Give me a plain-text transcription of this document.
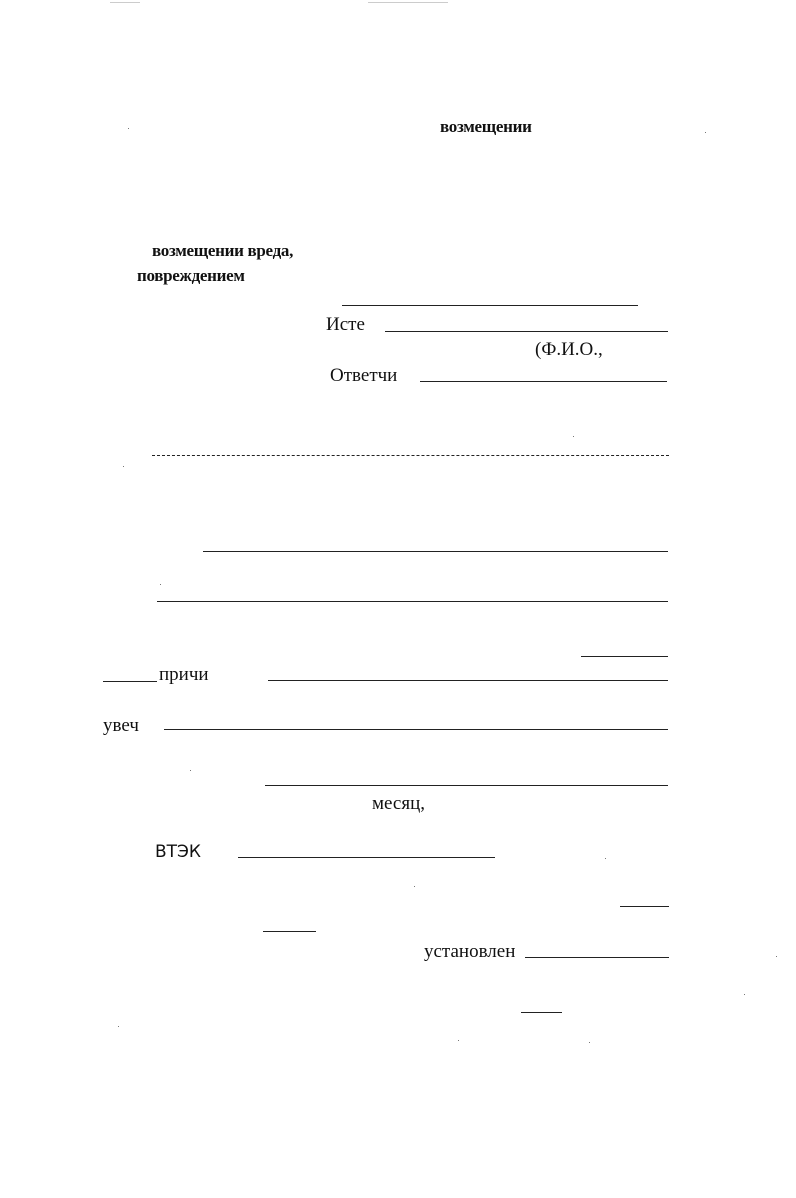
возмещении
возмещении вреда,
повреждением
Исте
(Ф.И.О.,
Ответчи
причи
увеч
месяц,
ВТЭК
установлен
